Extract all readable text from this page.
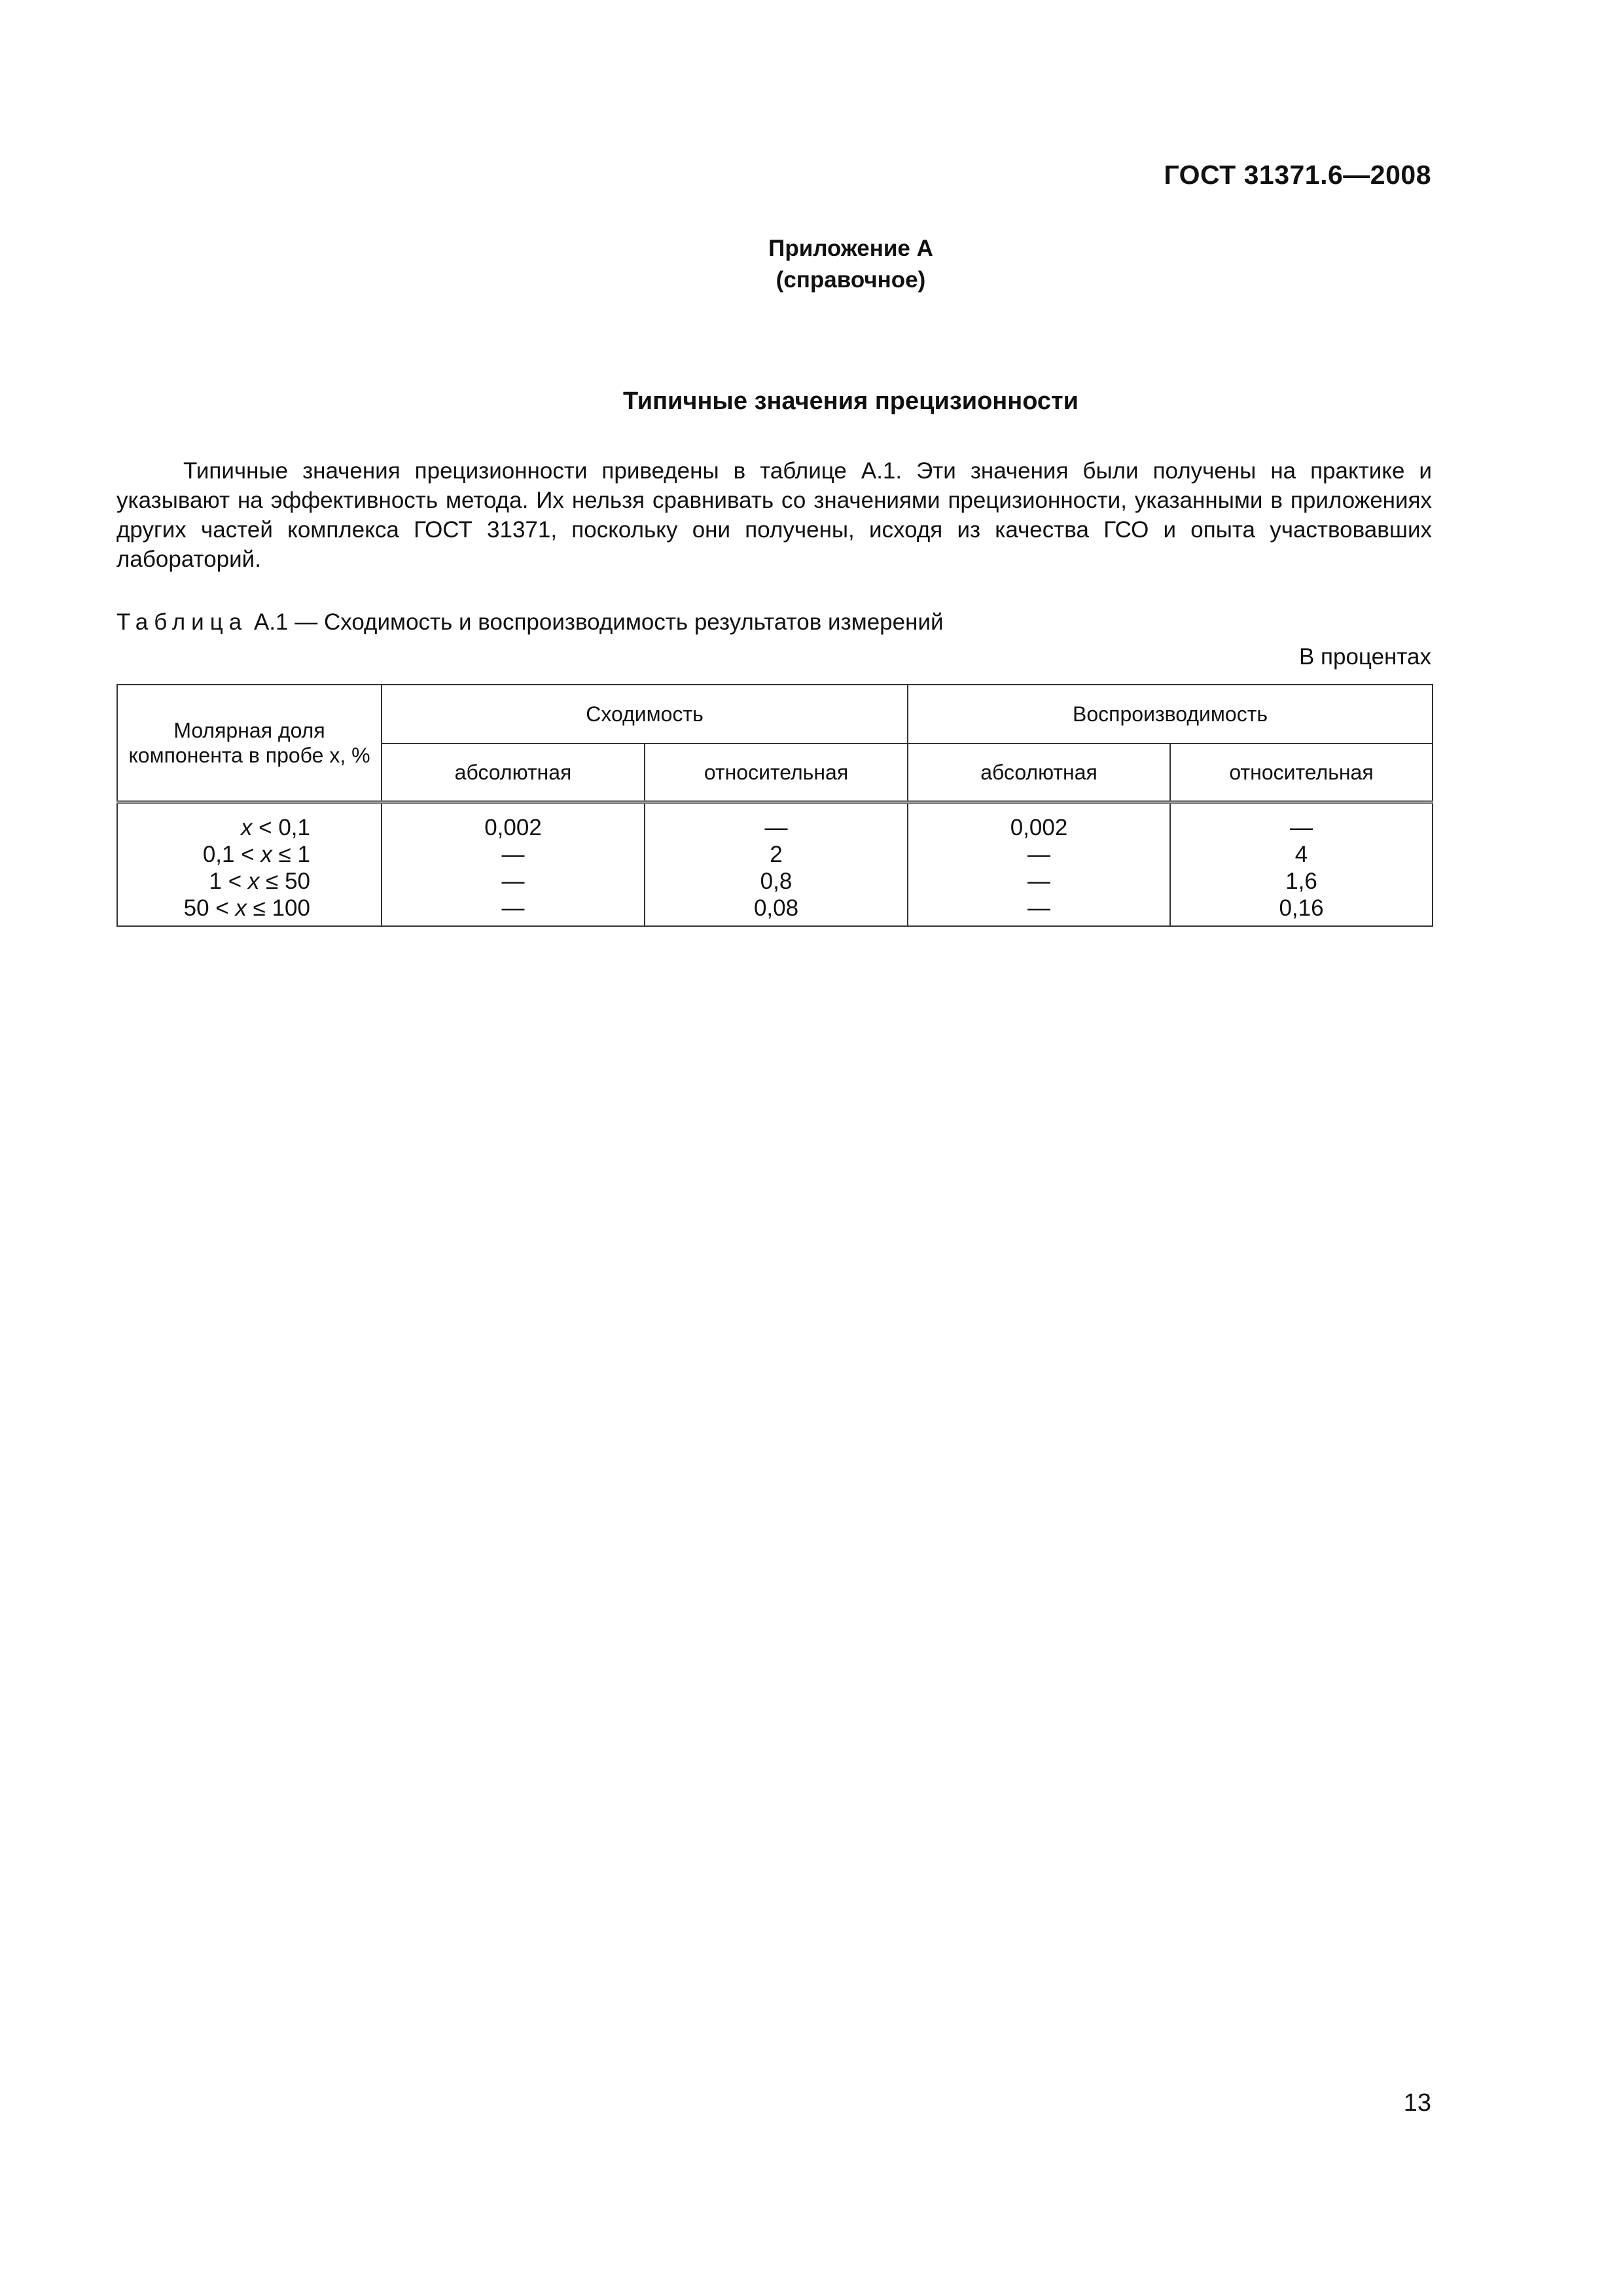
ГОСТ 31371.6—2008
Приложение А
(справочное)
Типичные значения прецизионности
Типичные значения прецизионности приведены в таблице А.1. Эти значения были получены на практике и указывают на эффективность метода. Их нельзя сравнивать со значениями прецизионности, указанными в приложениях других частей комплекса ГОСТ 31371, поскольку они получены, исходя из качества ГСО и опыта участвовавших лабораторий.
Таблица А.1 — Сходимость и воспроизводимость результатов измерений
В процентах
Молярная доля компонента в пробе x, %	Сходимость		Воспроизводимость	
	абсолютная	относительная	абсолютная	относительная
x < 0,1	0,002	—	0,002	—
0,1 < x ≤ 1	—	2	—	4
1 < x ≤ 50	—	0,8	—	1,6
50 < x ≤ 100	—	0,08	—	0,16
13
